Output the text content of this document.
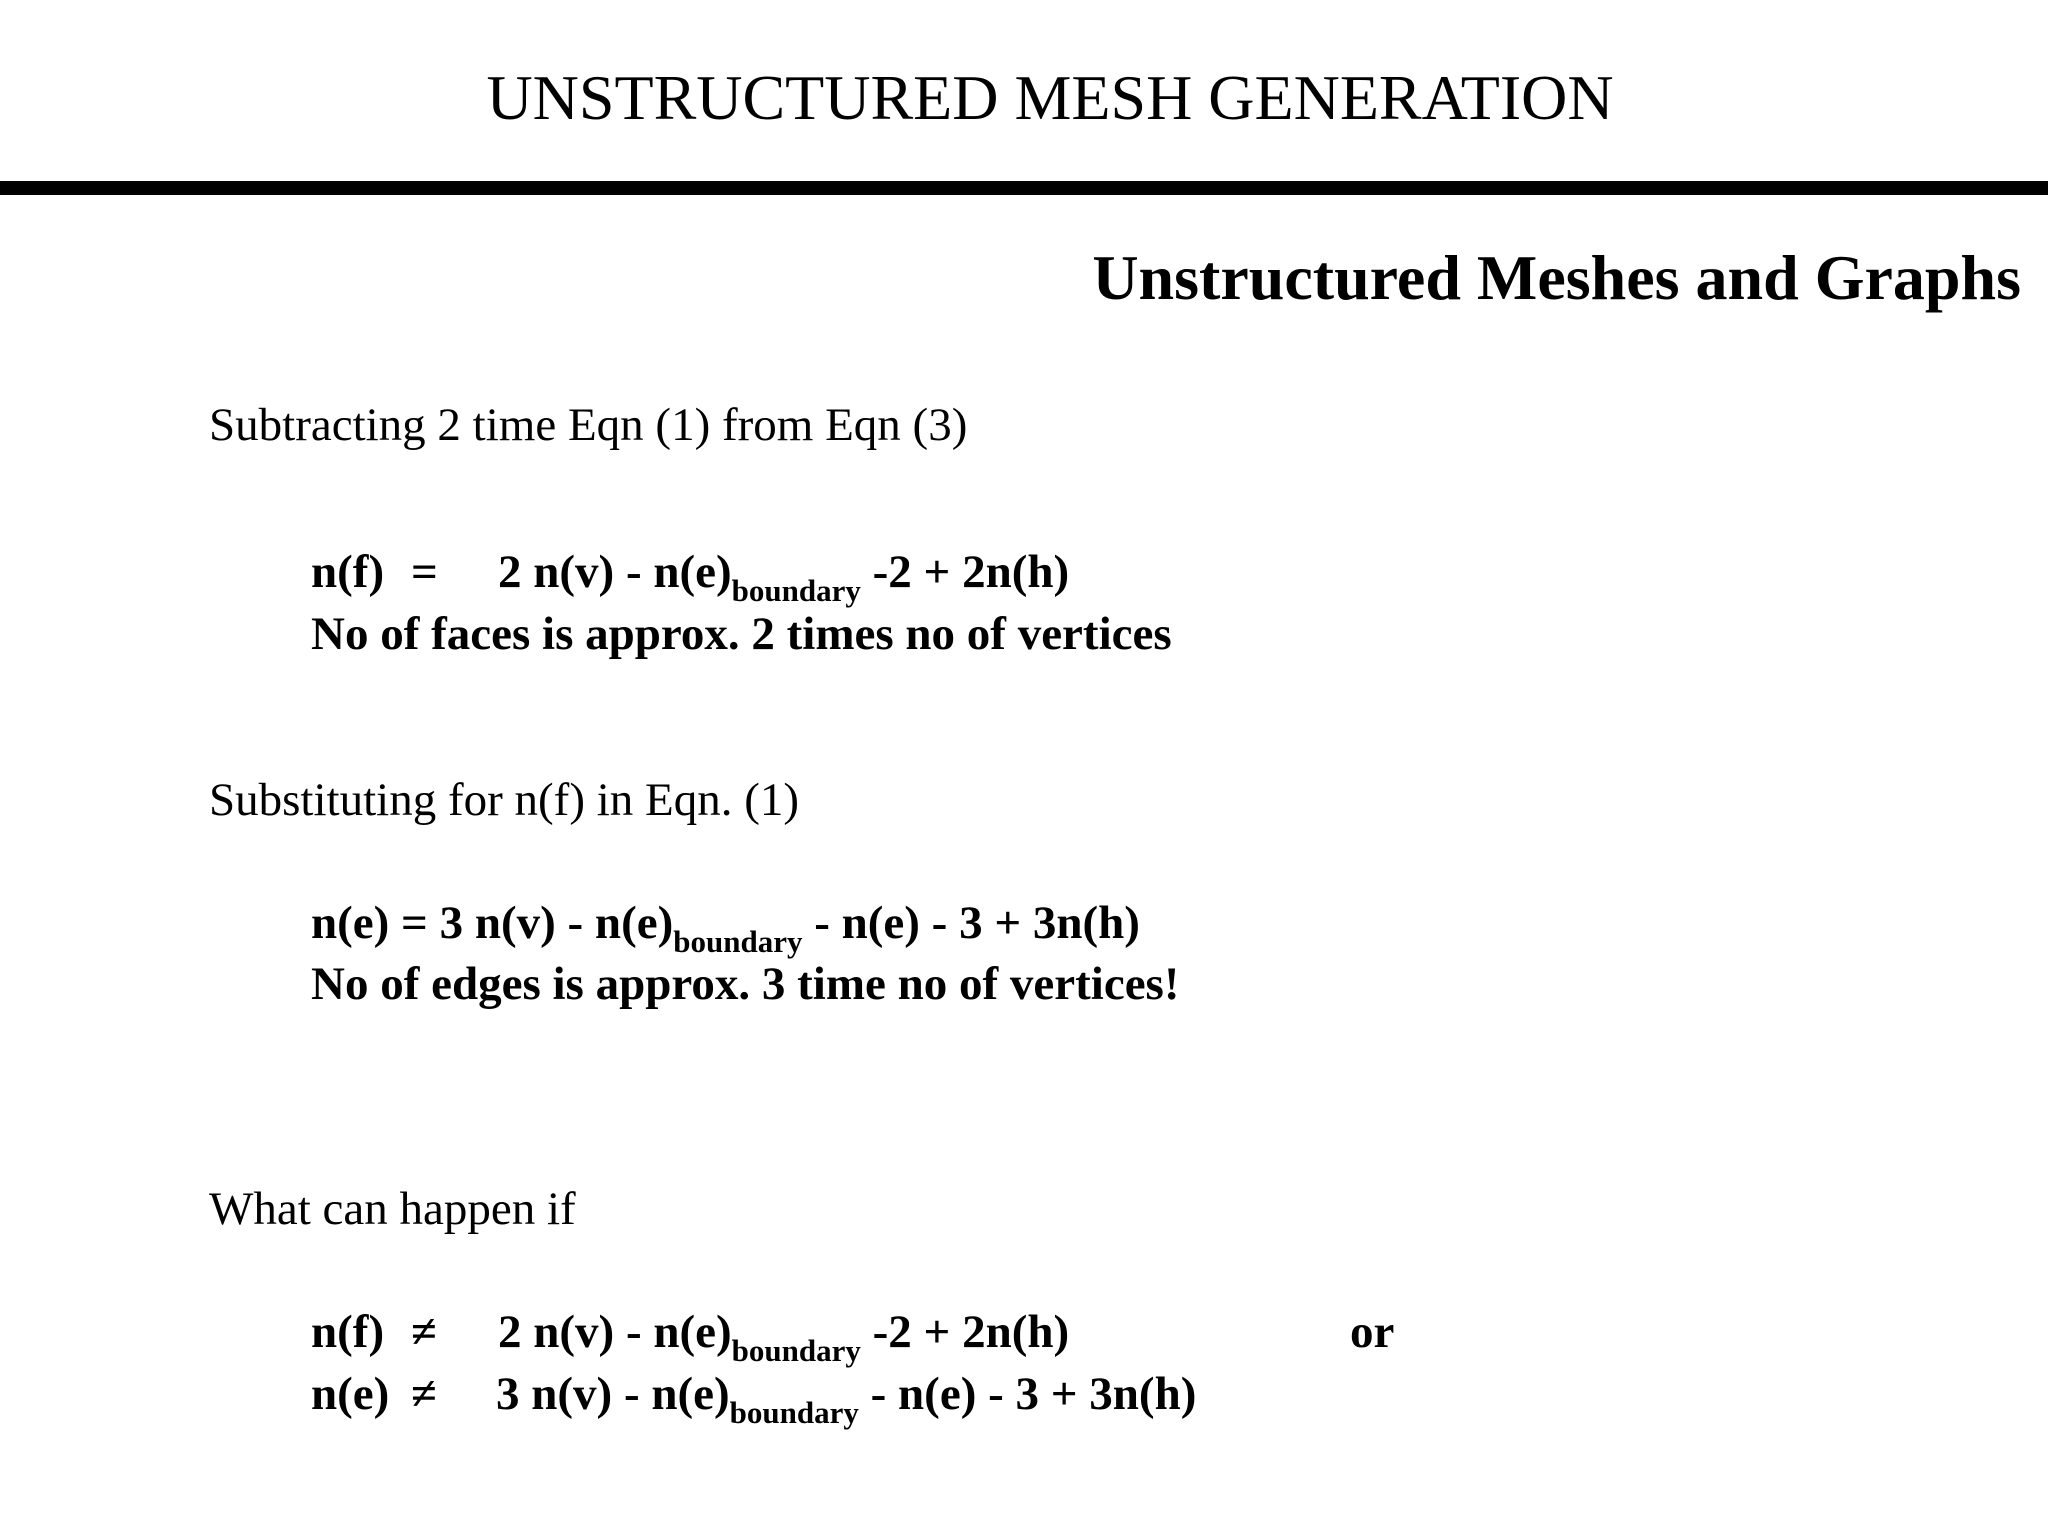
UNSTRUCTURED MESH GENERATION
Unstructured Meshes and Graphs
Subtracting 2 time Eqn (1) from Eqn (3)
n(f) = 2 $n(v) - n(e)_{boundary}$ -2 + 2n(h)
No of faces is approx. 2 times no of vertices
Substituting for n(f) in Eqn. (1)
n(e) = 3 $n(v) - n(e)_{boundary} - n(e) - 3 + 3n(h)$
No of edges is approx. 3 time no of vertices!
What can happen if
n(f) ≠ 2 $n(v) - n(e)_{boundary}$ -2 + 2n(h)	or
n(e) ≠ 3 $n(v) - n(e)_{boundary} - n(e) - 3 + 3n(h)$
